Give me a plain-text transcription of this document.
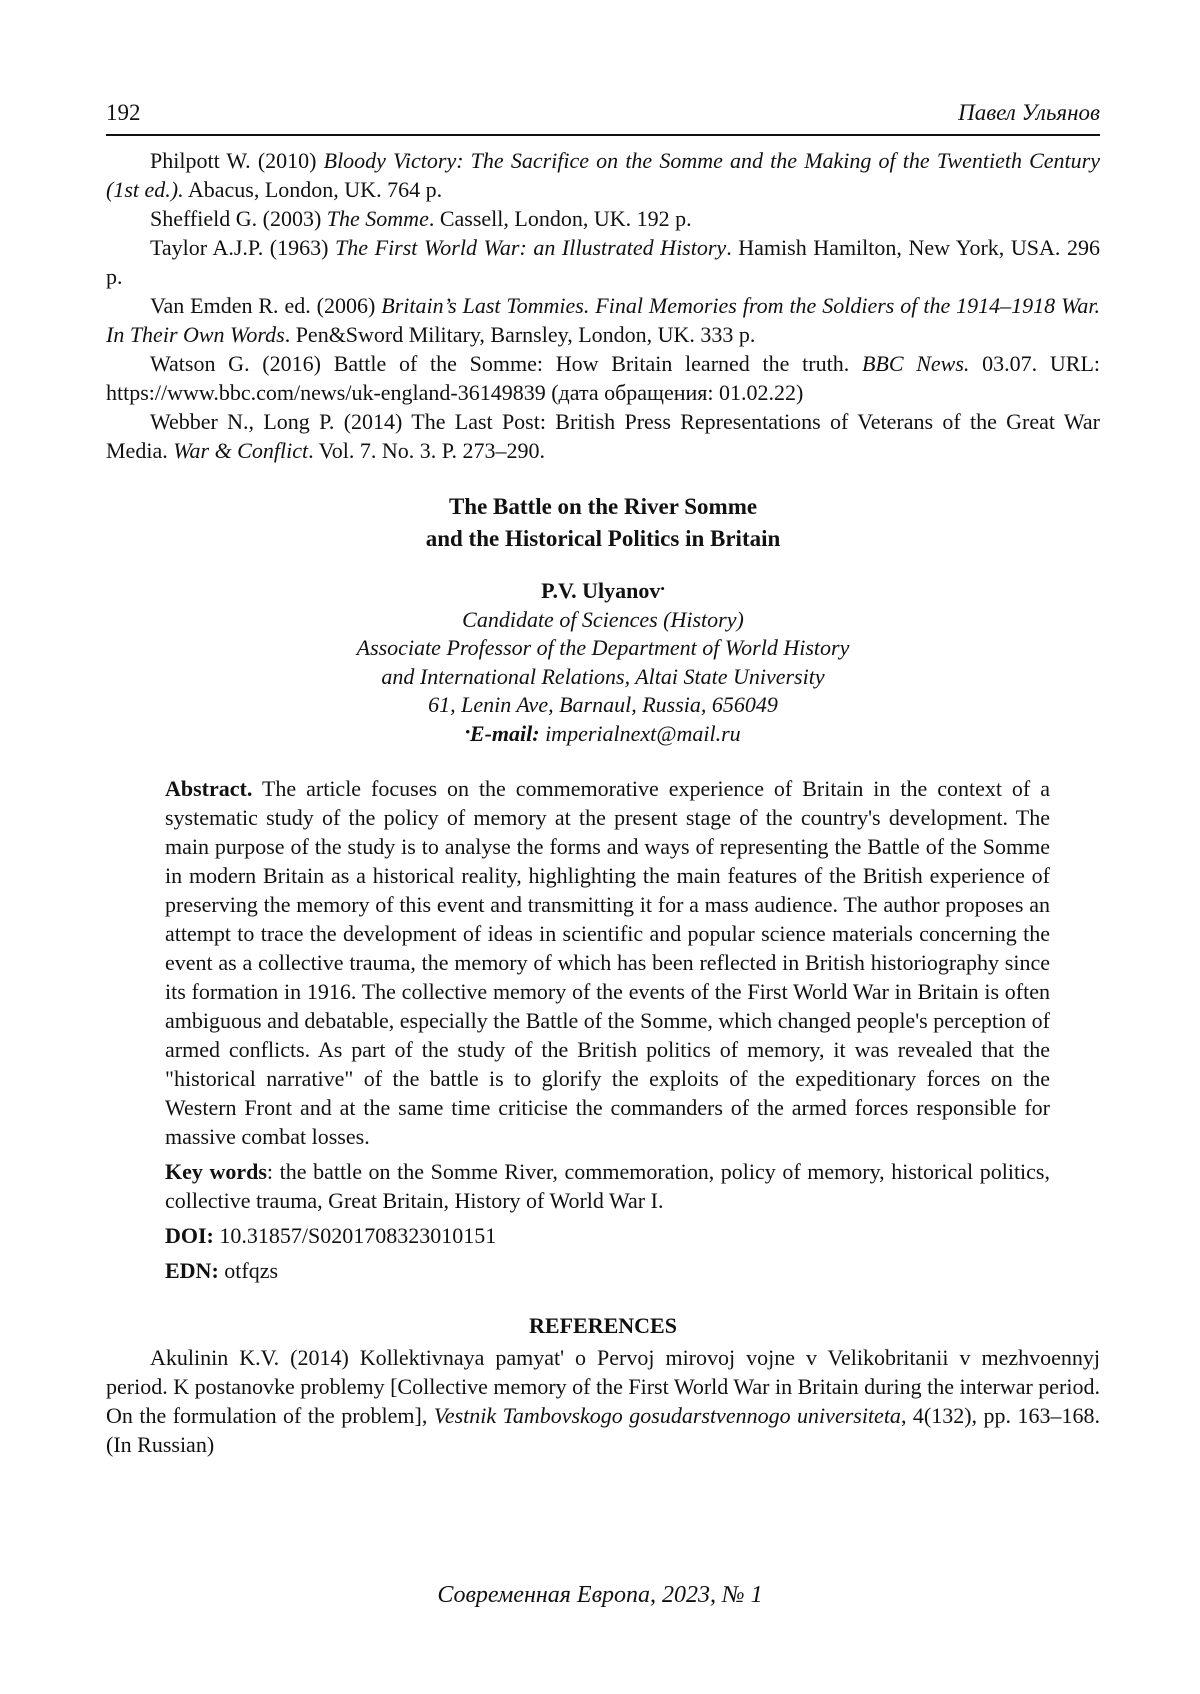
192	Павел Ульянов

Philpott W. (2010) Bloody Victory: The Sacrifice on the Somme and the Making of the Twentieth Century (1st ed.). Abacus, London, UK. 764 p.

Sheffield G. (2003) The Somme. Cassell, London, UK. 192 p.

Taylor A.J.P. (1963) The First World War: an Illustrated History. Hamish Hamilton, New York, USA. 296 p.

Van Emden R. ed. (2006) Britain’s Last Tommies. Final Memories from the Soldiers of the 1914–1918 War. In Their Own Words. Pen&Sword Military, Barnsley, London, UK. 333 p.

Watson G. (2016) Battle of the Somme: How Britain learned the truth. BBC News. 03.07. URL: https://www.bbc.com/news/uk-england-36149839 (дата обращения: 01.02.22)

Webber N., Long P. (2014) The Last Post: British Press Representations of Veterans of the Great War Media. War & Conflict. Vol. 7. No. 3. P. 273–290.

The Battle on the River Somme

and the Historical Politics in Britain

P.V. Ulyanov•
Candidate of Sciences (History)
Associate Professor of the Department of World History
and International Relations, Altai State University
61, Lenin Ave, Barnaul, Russia, 656049
•E-mail: imperialnext@mail.ru

Abstract. The article focuses on the commemorative experience of Britain in the context of a systematic study of the policy of memory at the present stage of the country's development. The main purpose of the study is to analyse the forms and ways of representing the Battle of the Somme in modern Britain as a historical reality, highlighting the main features of the British experience of preserving the memory of this event and transmitting it for a mass audience. The author proposes an attempt to trace the development of ideas in scientific and popular science materials concerning the event as a collective trauma, the memory of which has been reflected in British historiography since its formation in 1916. The collective memory of the events of the First World War in Britain is often ambiguous and debatable, especially the Battle of the Somme, which changed people's perception of armed conflicts. As part of the study of the British politics of memory, it was revealed that the "historical narrative" of the battle is to glorify the exploits of the expeditionary forces on the Western Front and at the same time criticise the commanders of the armed forces responsible for massive combat losses.

Key words: the battle on the Somme River, commemoration, policy of memory, historical politics, collective trauma, Great Britain, History of World War I.

DOI: 10.31857/S0201708323010151

EDN: otfqzs

REFERENCES

Akulinin K.V. (2014) Kollektivnaya pamyat' o Pervoj mirovoj vojne v Velikobritanii v mezhvoennyj period. K postanovke problemy [Collective memory of the First World War in Britain during the interwar period. On the formulation of the problem], Vestnik Tambovskogo gosudarstvennogo universiteta, 4(132), pp. 163–168. (In Russian)

Современная Европа, 2023, № 1
